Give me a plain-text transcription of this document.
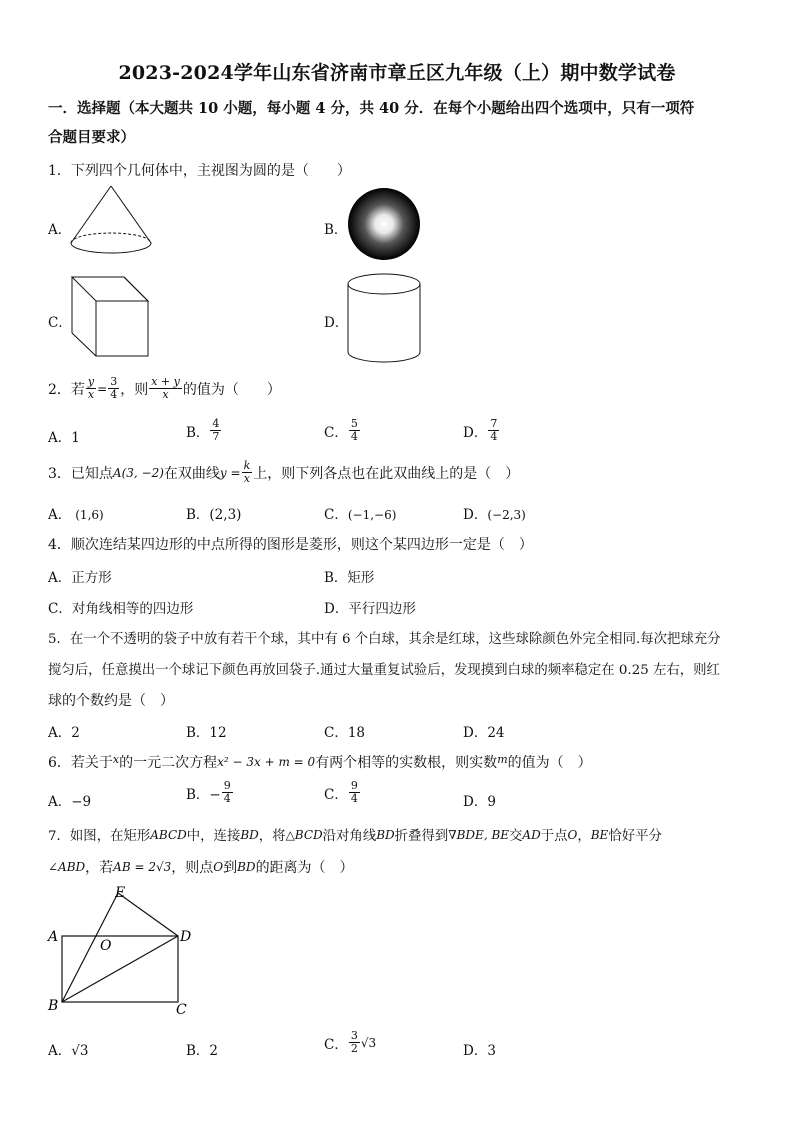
2023-2024学年山东省济南市章丘区九年级（上）期中数学试卷
一．选择题（本大题共 10 小题，每小题 4 分，共 40 分．在每个小题给出四个选项中，只有一项符
合题目要求）
1．下列四个几何体中，主视图为圆的是（　　）
A．	B．
C．	D．
2．若 $\frac{y}{x} = \frac{3}{4}$ ，则 $\frac{x + y}{x}$ 的值为（　　）
A．1	B． $\frac{4}{7}$	C． $\frac{5}{4}$	D． $\frac{7}{4}$
3．已知点 A(3, −2) 在双曲线 $y = \frac{k}{x}$ 上，则下列各点也在此双曲线上的是（　）
A． (1,6)	B．(2,3)	C．(−1,−6)	D．(−2,3)
4．顺次连结某四边形的中点所得的图形是菱形，则这个某四边形一定是（　）
A．正方形	B．矩形
C．对角线相等的四边形	D．平行四边形
5．在一个不透明的袋子中放有若干个球，其中有 6 个白球，其余是红球，这些球除颜色外完全相同.每次把球充分
搅匀后，任意摸出一个球记下颜色再放回袋子.通过大量重复试验后，发现摸到白球的频率稳定在 0.25 左右，则红
球的个数约是（　）
A．2	B．12	C．18	D．24
6．若关于 x 的一元二次方程 x² − 3x + m = 0 有两个相等的实数根，则实数 m 的值为（　）
A．−9	B．− $\frac{9}{4}$	C． $\frac{9}{4}$	D．9
7．如图，在矩形 ABCD 中，连接 BD ，将 △BCD 沿对角线 BD 折叠得到 ∇BDE, BE 交 AD 于点 O ， BE 恰好平分
∠ABD ，若 AB = 2√3 ，则点 O 到 BD 的距离为（　）
A
B	C
D
E
O
A．√3	B．2	C． $\frac{3}{2} √3$
D．3
